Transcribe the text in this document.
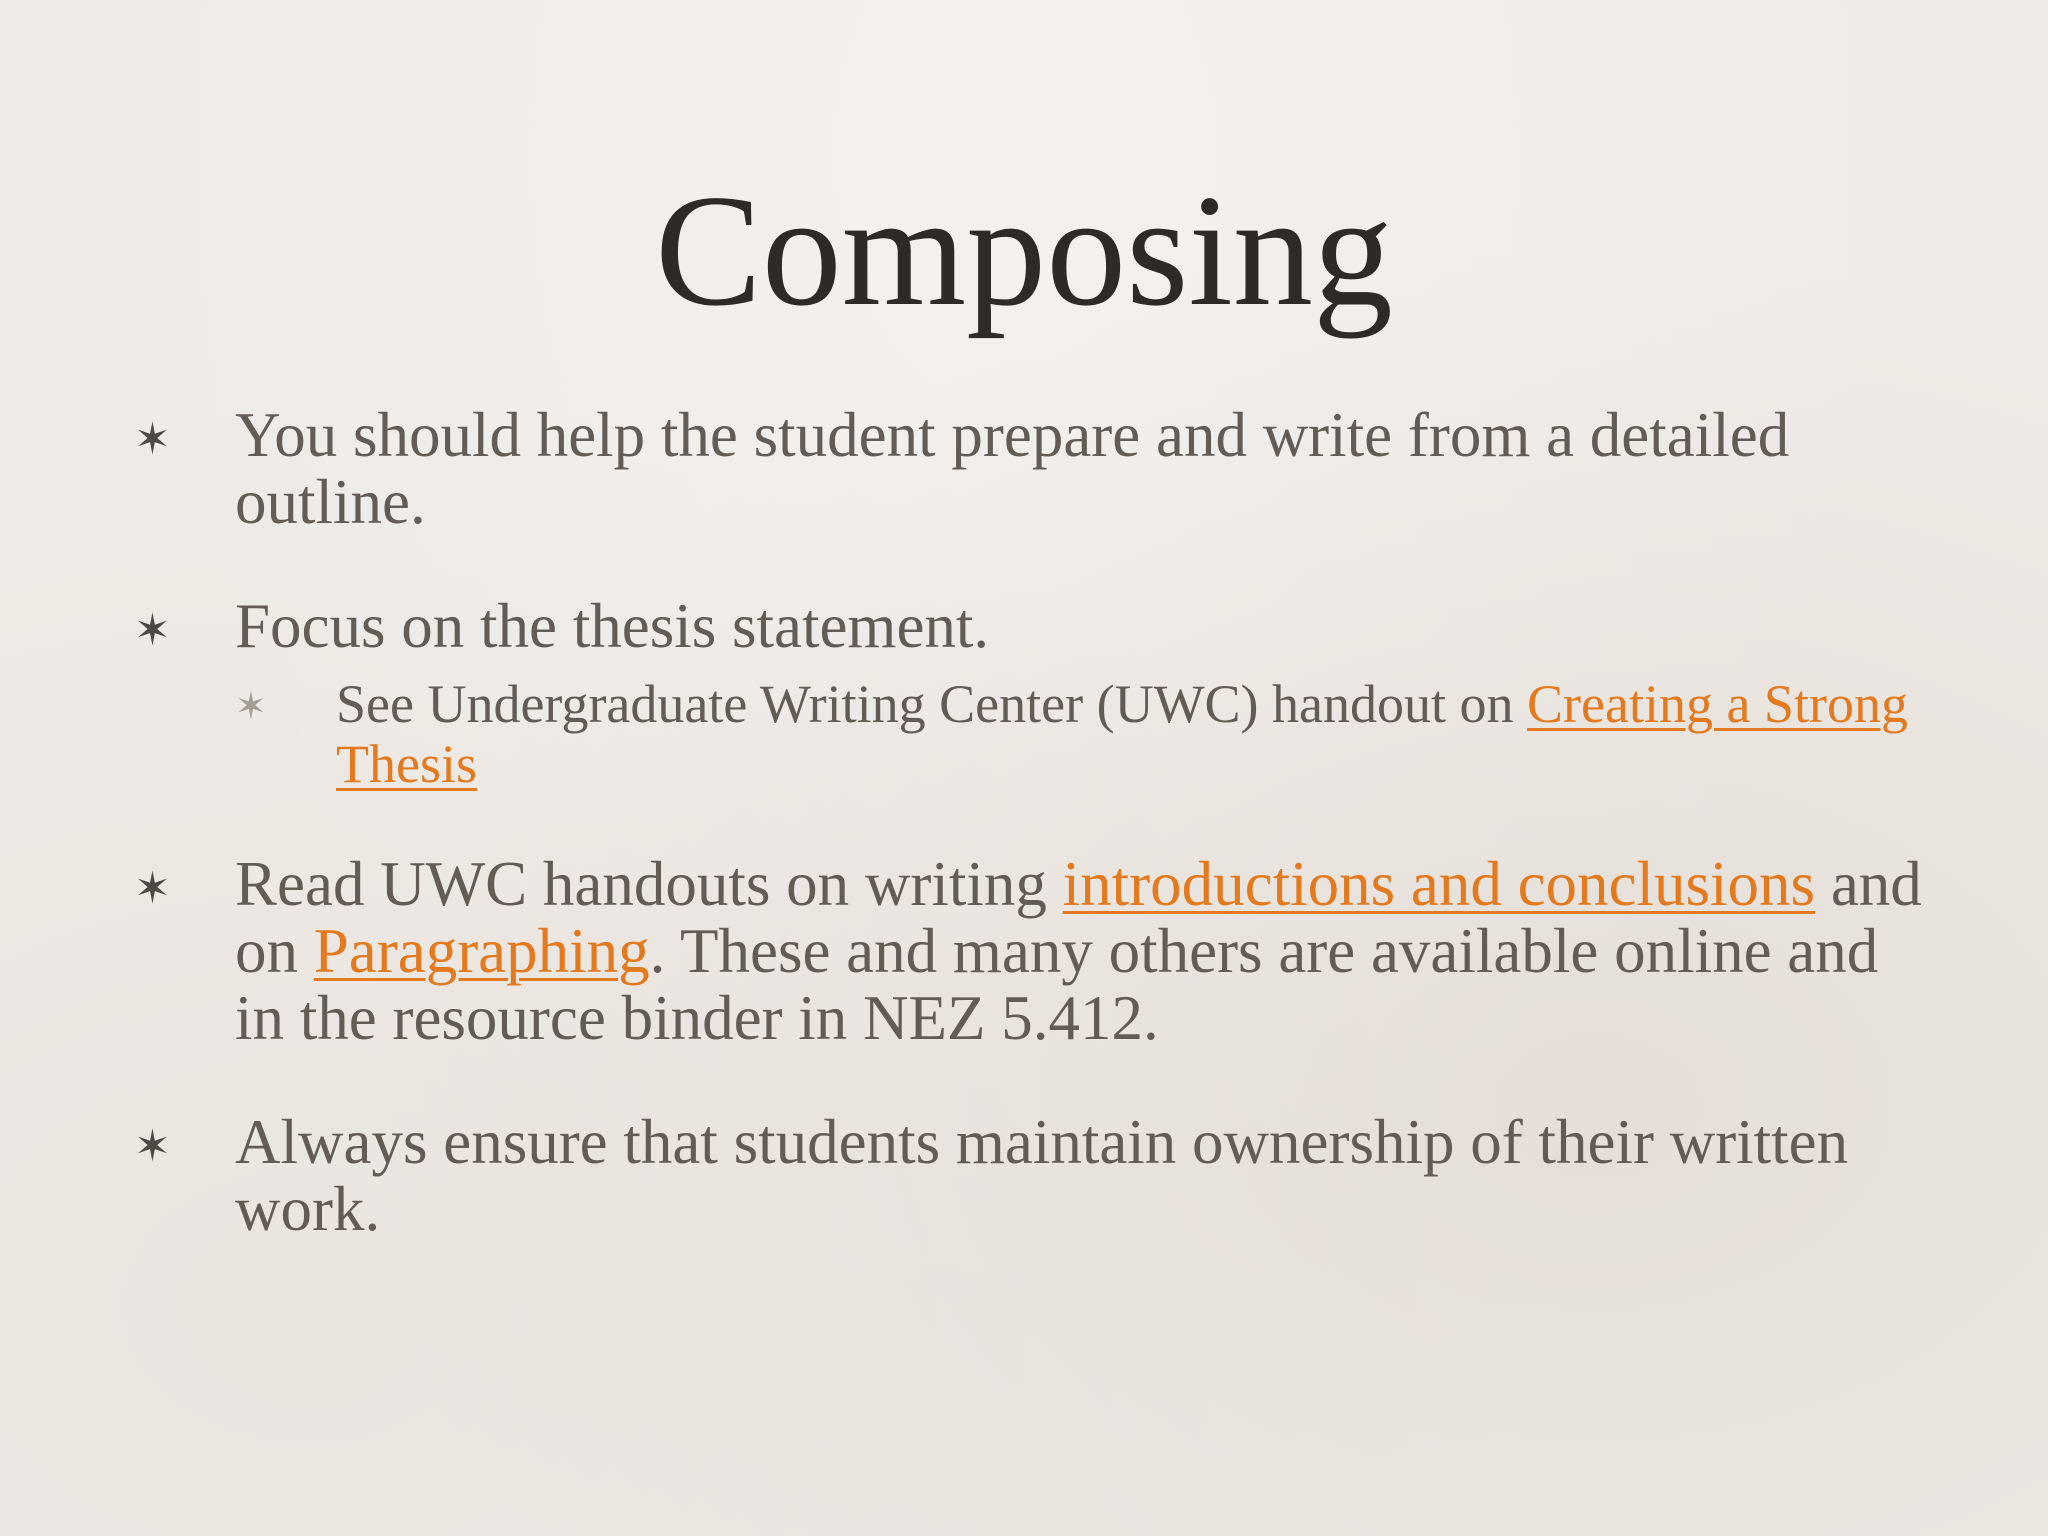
Composing
✶ You should help the student prepare and write from a detailed outline.
✶ Focus on the thesis statement.
✶ See Undergraduate Writing Center (UWC) handout on Creating a Strong Thesis
✶ Read UWC handouts on writing introductions and conclusions and on Paragraphing. These and many others are available online and in the resource binder in NEZ 5.412.
✶ Always ensure that students maintain ownership of their written work.
